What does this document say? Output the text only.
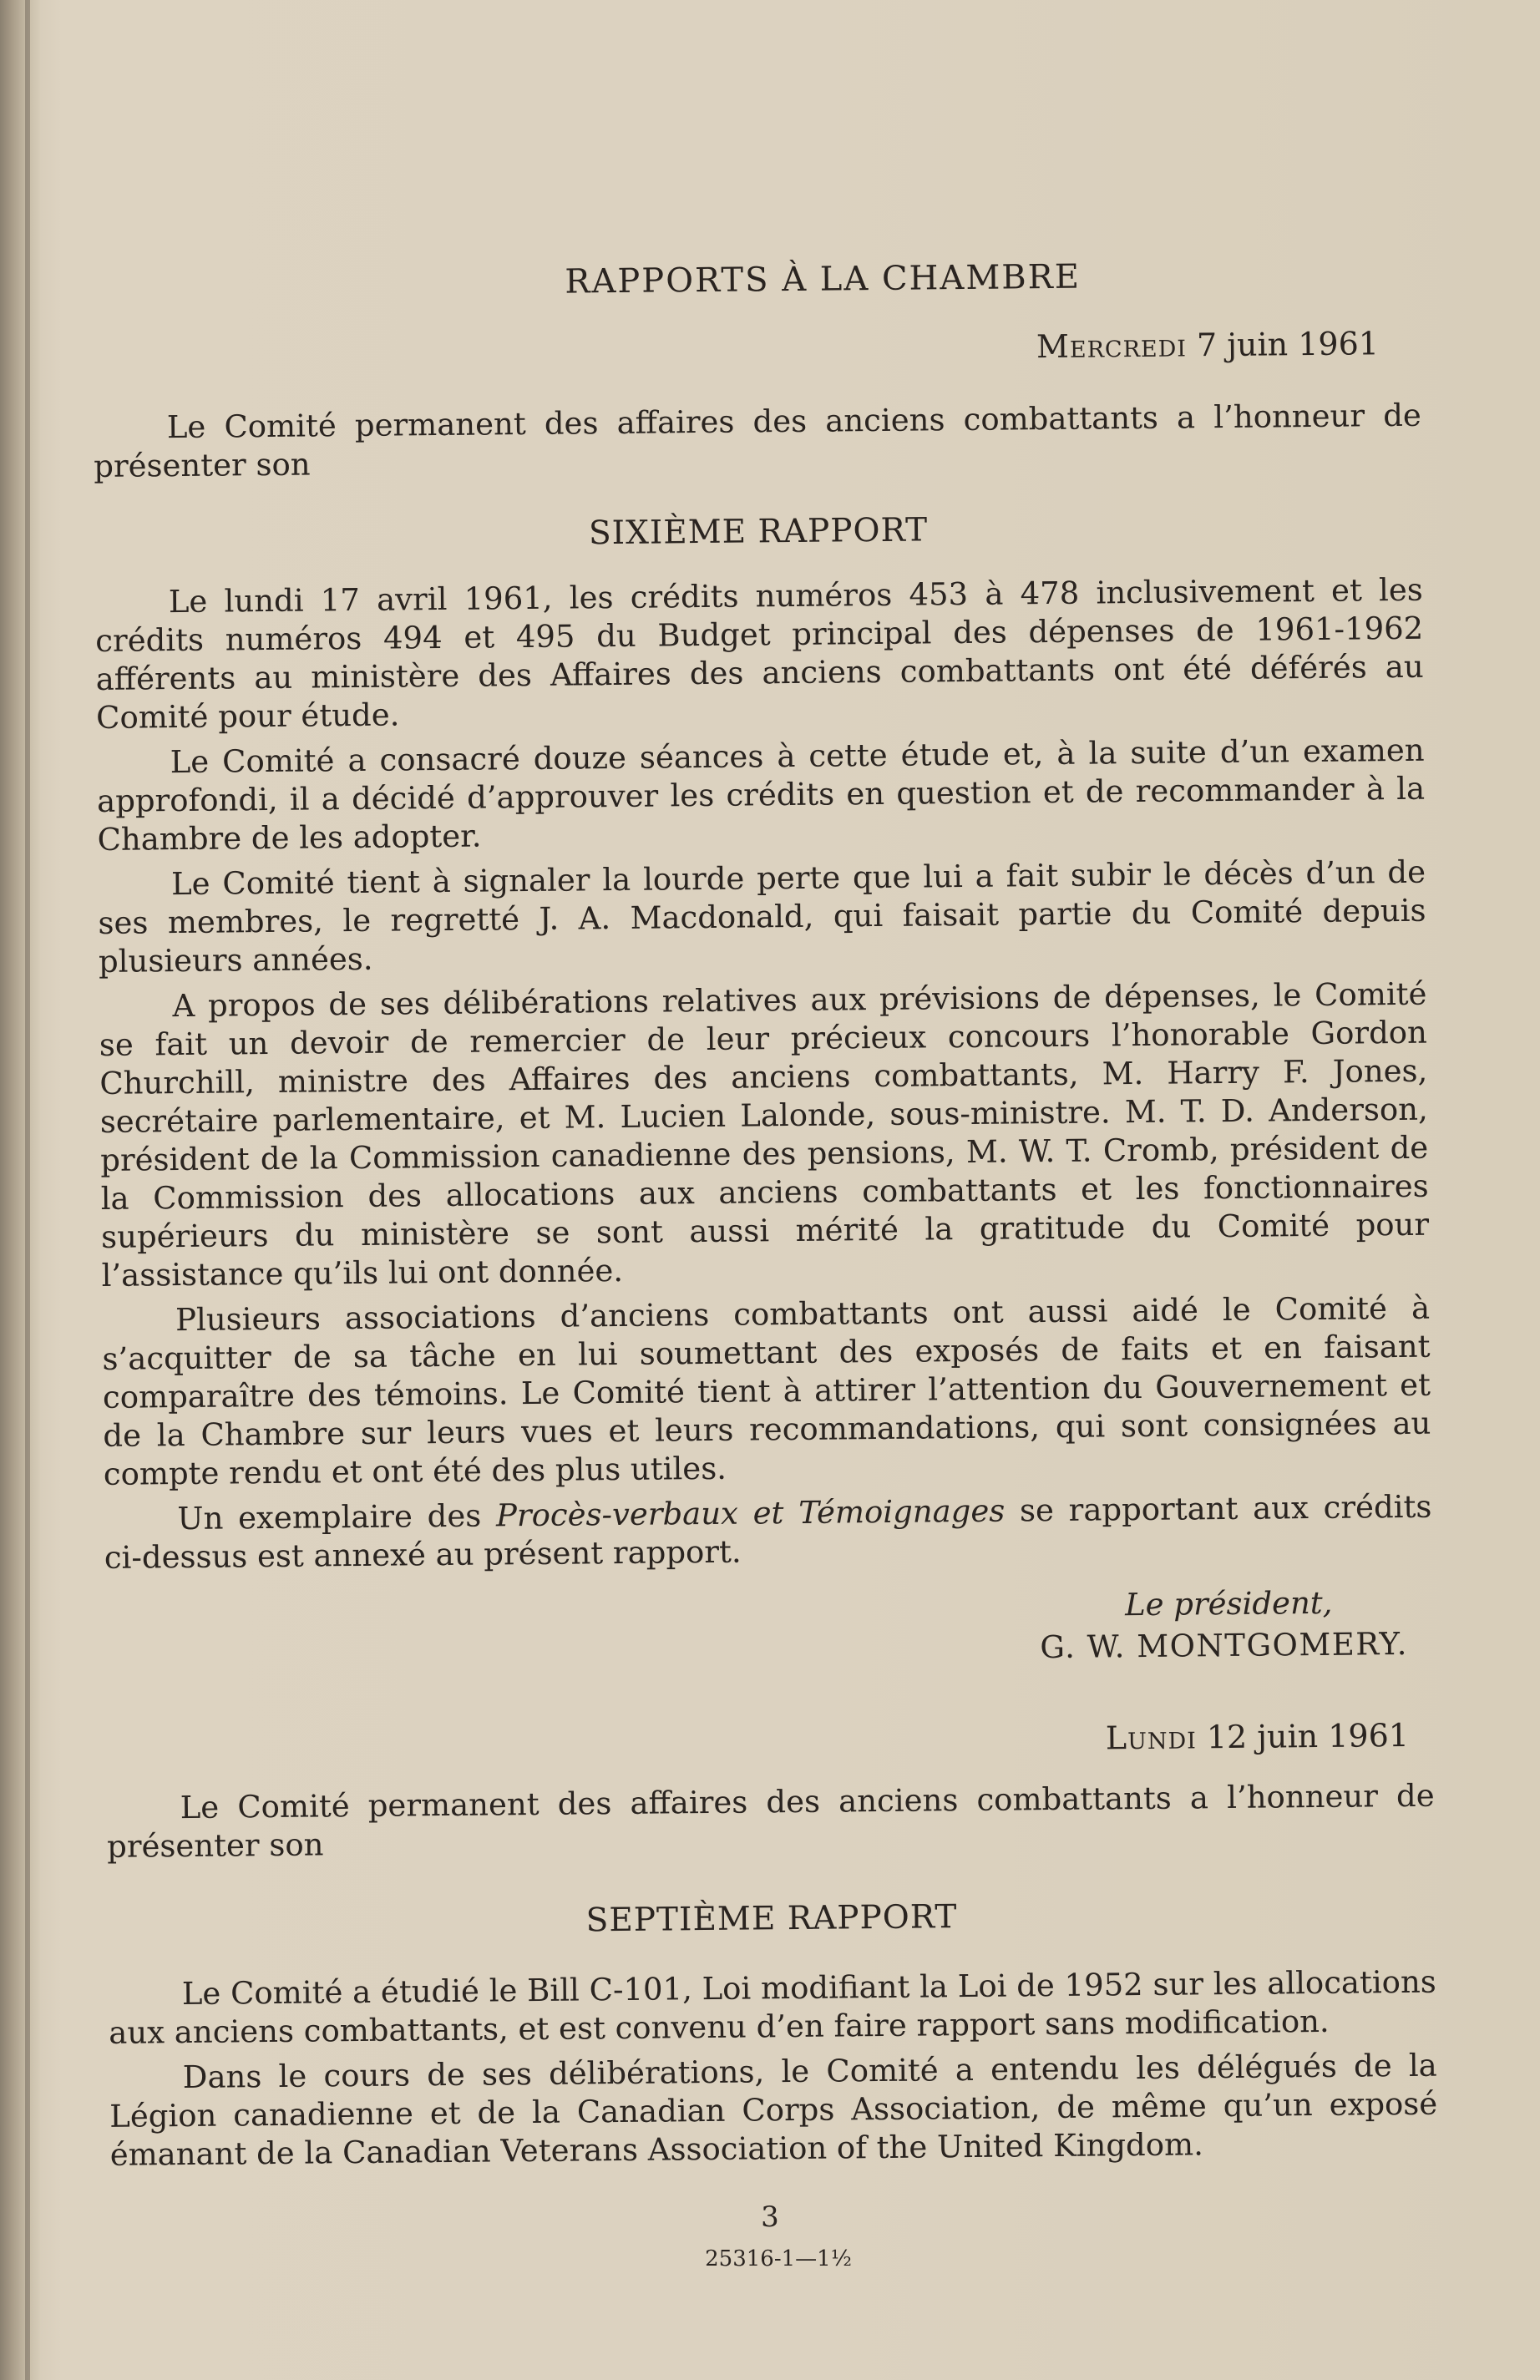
RAPPORTS À LA CHAMBRE
Mercredi 7 juin 1961

Le Comité permanent des affaires des anciens combattants a l’honneur de présenter son

SIXIÈME RAPPORT

Le lundi 17 avril 1961, les crédits numéros 453 à 478 inclusivement et les crédits numéros 494 et 495 du Budget principal des dépenses de 1961-1962 afférents au ministère des Affaires des anciens combattants ont été déférés au Comité pour étude.

Le Comité a consacré douze séances à cette étude et, à la suite d’un examen approfondi, il a décidé d’approuver les crédits en question et de recommander à la Chambre de les adopter.

Le Comité tient à signaler la lourde perte que lui a fait subir le décès d’un de ses membres, le regretté J. A. Macdonald, qui faisait partie du Comité depuis plusieurs années.

A propos de ses délibérations relatives aux prévisions de dépenses, le Comité se fait un devoir de remercier de leur précieux concours l’honorable Gordon Churchill, ministre des Affaires des anciens combattants, M. Harry F. Jones, secrétaire parlementaire, et M. Lucien Lalonde, sous-ministre. M. T. D. Anderson, président de la Commission canadienne des pensions, M. W. T. Cromb, président de la Commission des allocations aux anciens combattants et les fonctionnaires supérieurs du ministère se sont aussi mérité la gratitude du Comité pour l’assistance qu’ils lui ont donnée.

Plusieurs associations d’anciens combattants ont aussi aidé le Comité à s’acquitter de sa tâche en lui soumettant des exposés de faits et en faisant comparaître des témoins. Le Comité tient à attirer l’attention du Gouvernement et de la Chambre sur leurs vues et leurs recommandations, qui sont consignées au compte rendu et ont été des plus utiles.

Un exemplaire des Procès-verbaux et Témoignages se rapportant aux crédits ci-dessus est annexé au présent rapport.

Le président,
G. W. MONTGOMERY.
Lundi 12 juin 1961

Le Comité permanent des affaires des anciens combattants a l’honneur de présenter son

SEPTIÈME RAPPORT

Le Comité a étudié le Bill C-101, Loi modifiant la Loi de 1952 sur les allocations aux anciens combattants, et est convenu d’en faire rapport sans modification.

Dans le cours de ses délibérations, le Comité a entendu les délégués de la Légion canadienne et de la Canadian Corps Association, de même qu’un exposé émanant de la Canadian Veterans Association of the United Kingdom.

3
25316-1—1½
